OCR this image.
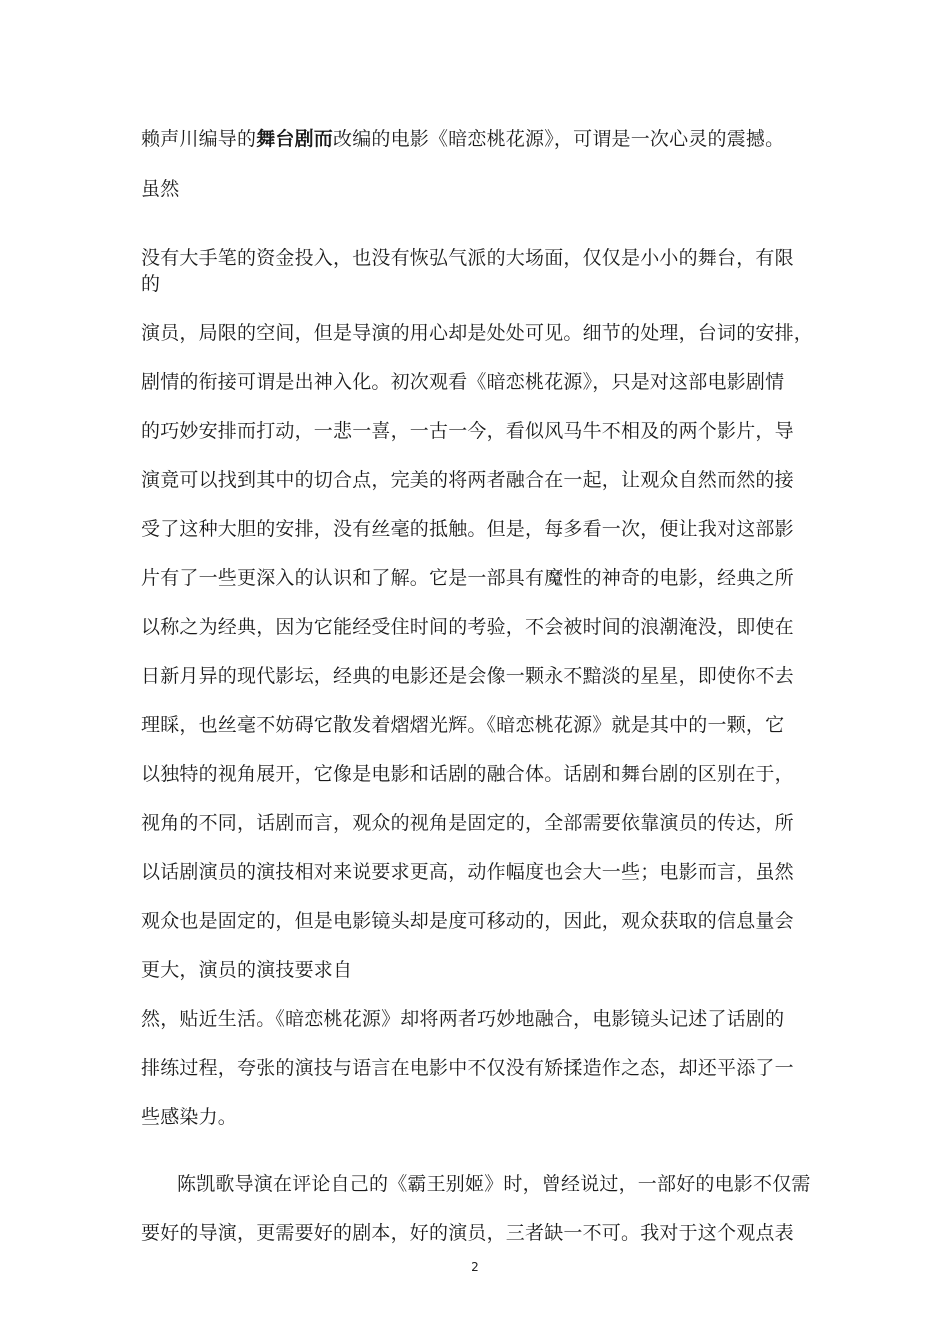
赖声川编导的舞台剧而改编的电影《暗恋桃花源》，可谓是一次心灵的震撼。
虽然
没有大手笔的资金投入，也没有恢弘气派的大场面，仅仅是小小的舞台，有限
的
演员，局限的空间，但是导演的用心却是处处可见。细节的处理，台词的安排，
剧情的衔接可谓是出神入化。初次观看《暗恋桃花源》，只是对这部电影剧情
的巧妙安排而打动，一悲一喜，一古一今，看似风马牛不相及的两个影片，导
演竟可以找到其中的切合点，完美的将两者融合在一起，让观众自然而然的接
受了这种大胆的安排，没有丝毫的抵触。但是，每多看一次，便让我对这部影
片有了一些更深入的认识和了解。它是一部具有魔性的神奇的电影，经典之所
以称之为经典，因为它能经受住时间的考验，不会被时间的浪潮淹没，即使在
日新月异的现代影坛，经典的电影还是会像一颗永不黯淡的星星，即使你不去
理睬，也丝毫不妨碍它散发着熠熠光辉。《暗恋桃花源》就是其中的一颗，它
以独特的视角展开，它像是电影和话剧的融合体。话剧和舞台剧的区别在于，
视角的不同，话剧而言，观众的视角是固定的，全部需要依靠演员的传达，所
以话剧演员的演技相对来说要求更高，动作幅度也会大一些；电影而言，虽然
观众也是固定的，但是电影镜头却是度可移动的，因此，观众获取的信息量会
更大，演员的演技要求自
然，贴近生活。《暗恋桃花源》却将两者巧妙地融合，电影镜头记述了话剧的
排练过程，夸张的演技与语言在电影中不仅没有矫揉造作之态，却还平添了一
些感染力。
陈凯歌导演在评论自己的《霸王别姬》时，曾经说过，一部好的电影不仅需
要好的导演，更需要好的剧本，好的演员，三者缺一不可。我对于这个观点表
2
